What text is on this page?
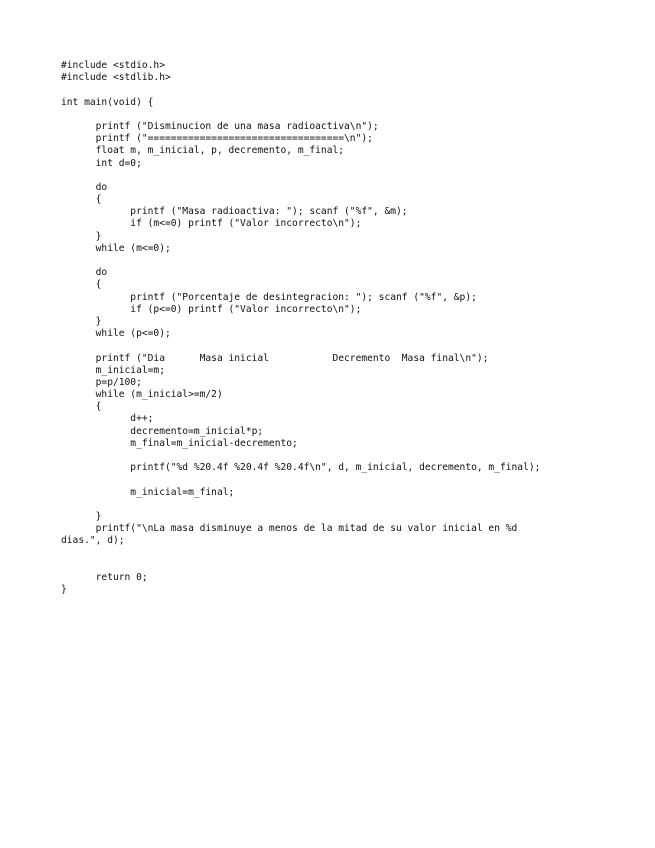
#include <stdio.h>
#include <stdlib.h>
int main(void) {
printf ("Disminucion de una masa radioactiva\n");
printf ("==================================\n");
float m, m_inicial, p, decremento, m_final;
int d=0;
do
{
printf ("Masa radioactiva: "); scanf ("%f", &m);
if (m<=0) printf ("Valor incorrecto\n");
}
while (m<=0);
do
{
printf ("Porcentaje de desintegracion: "); scanf ("%f", &p);
if (p<=0) printf ("Valor incorrecto\n");
}
while (p<=0);
printf ("Dia      Masa inicial           Decremento  Masa final\n");
m_inicial=m;
p=p/100;
while (m_inicial>=m/2)
{
d++;
decremento=m_inicial*p;
m_final=m_inicial-decremento;
printf("%d %20.4f %20.4f %20.4f\n", d, m_inicial, decremento, m_final);
m_inicial=m_final;
}
printf("\nLa masa disminuye a menos de la mitad de su valor inicial en %d
dias.", d);
return 0;
}
